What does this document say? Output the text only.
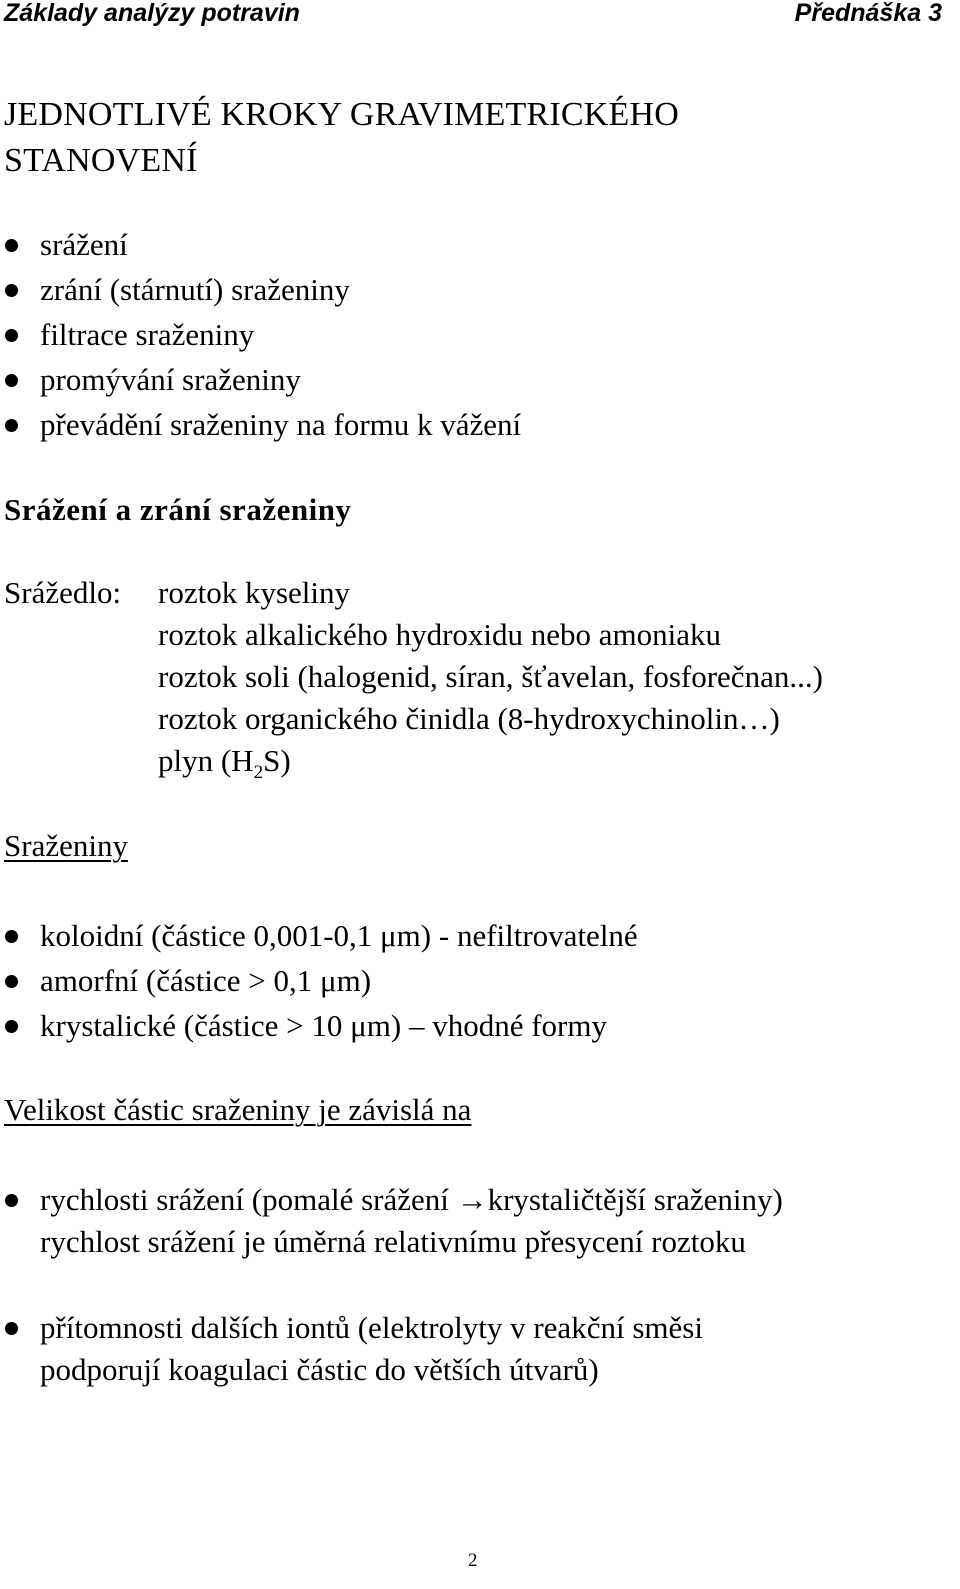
Základy analýzy potravin	Přednáška 3
JEDNOTLIVÉ KROKY GRAVIMETRICKÉHO
STANOVENÍ
srážení
zrání (stárnutí) sraženiny
filtrace sraženiny
promývání sraženiny
převádění sraženiny na formu k vážení
Srážení a zrání sraženiny
Srážedlo: roztok kyseliny
roztok alkalického hydroxidu nebo amoniaku
roztok soli (halogenid, síran, šťavelan, fosforečnan...)
roztok organického činidla (8-hydroxychinolin…)
plyn $(H_2S)$
Sraženiny
koloidní (částice 0,001-0,1 μm) - nefiltrovatelné
amorfní (částice > 0,1 μm)
krystalické (částice > 10 μm) – vhodné formy
Velikost částic sraženiny je závislá na
rychlosti srážení (pomalé srážení →krystaličtější sraženiny)
rychlost srážení je úměrná relativnímu přesycení roztoku
přítomnosti dalších iontů (elektrolyty v reakční směsi
podporují koagulaci částic do větších útvarů)
2
